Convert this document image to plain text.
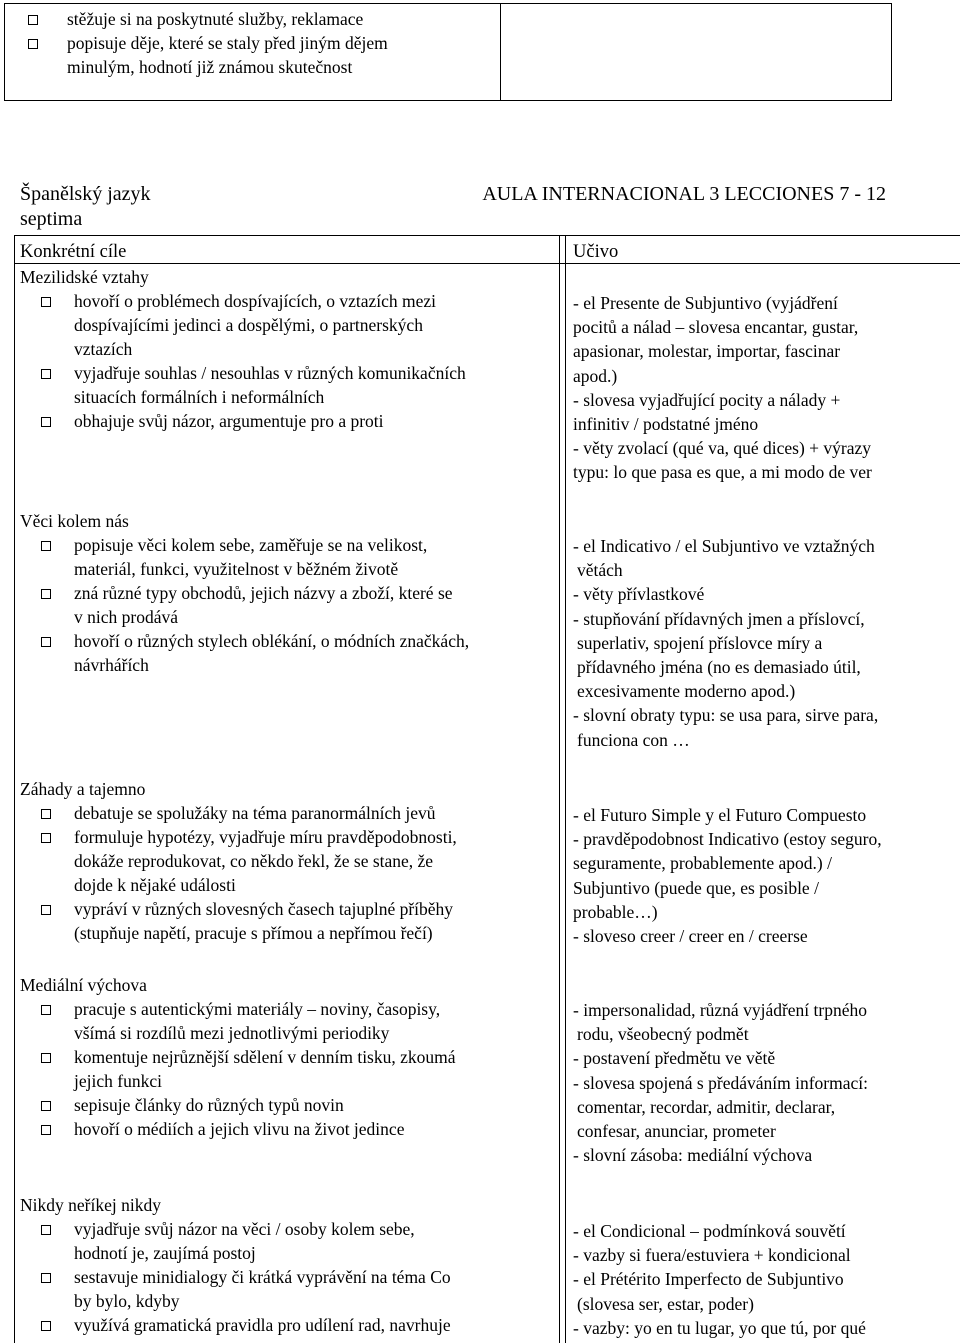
stěžuje si na poskytnuté služby, reklamace
popisuje děje, které se staly před jiným dějem
minulým, hodnotí již známou skutečnost
Španělský jazyk	AULA INTERNACIONAL 3 LECCIONES 7 - 12
septima
Konkrétní cíle	Učivo
Mezilidské vztahy
hovoří o problémech dospívajících, o vztazích mezi
dospívajícími jedinci a dospělými, o partnerských
vztazích
vyjadřuje souhlas / nesouhlas v různých komunikačních
situacích formálních i neformálních
obhajuje svůj názor, argumentuje pro a proti
- el Presente de Subjuntivo (vyjádření
pocitů a nálad – slovesa encantar, gustar,
apasionar, molestar, importar, fascinar
apod.)
- slovesa vyjadřující pocity a nálady +
infinitiv / podstatné jméno
- věty zvolací (qué va, qué dices) + výrazy
typu: lo que pasa es que, a mi modo de ver
Věci kolem nás
popisuje věci kolem sebe, zaměřuje se na velikost,
materiál, funkci, využitelnost v běžném životě
zná různé typy obchodů, jejich názvy a zboží, které se
v nich prodává
hovoří o různých stylech oblékání, o módních značkách,
návrhářích
- el Indicativo / el Subjuntivo ve vztažných
větách
- věty přívlastkové
- stupňování přídavných jmen a příslovcí,
superlativ, spojení příslovce míry a
přídavného jména (no es demasiado útil,
excesivamente moderno apod.)
- slovní obraty typu: se usa para, sirve para,
funciona con …
Záhady a tajemno
debatuje se spolužáky na téma paranormálních jevů
formuluje hypotézy, vyjadřuje míru pravděpodobnosti,
dokáže reprodukovat, co někdo řekl, že se stane, že
dojde k nějaké události
vypráví v různých slovesných časech tajuplné příběhy
(stupňuje napětí, pracuje s přímou a nepřímou řečí)
- el Futuro Simple y el Futuro Compuesto
- pravděpodobnost Indicativo (estoy seguro,
seguramente, probablemente apod.) /
Subjuntivo (puede que, es posible /
probable…)
- sloveso creer / creer en / creerse
Mediální výchova
pracuje s autentickými materiály – noviny, časopisy,
všímá si rozdílů mezi jednotlivými periodiky
komentuje nejrůznější sdělení v denním tisku, zkoumá
jejich funkci
sepisuje články do různých typů novin
hovoří o médiích a jejich vlivu na život jedince
- impersonalidad, různá vyjádření trpného
rodu, všeobecný podmět
- postavení předmětu ve větě
- slovesa spojená s předáváním informací:
comentar, recordar, admitir, declarar,
confesar, anunciar, prometer
- slovní zásoba: mediální výchova
Nikdy neříkej nikdy
vyjadřuje svůj názor na věci / osoby kolem sebe,
hodnotí je, zaujímá postoj
sestavuje minidialogy či krátká vyprávění na téma Co
by bylo, kdyby
využívá gramatická pravidla pro udílení rad, navrhuje
- el Condicional – podmínková souvětí
- vazby si fuera/estuviera + kondicional
- el Prétérito Imperfecto de Subjuntivo
(slovesa ser, estar, poder)
- vazby: yo en tu lugar, yo que tú, por qué
